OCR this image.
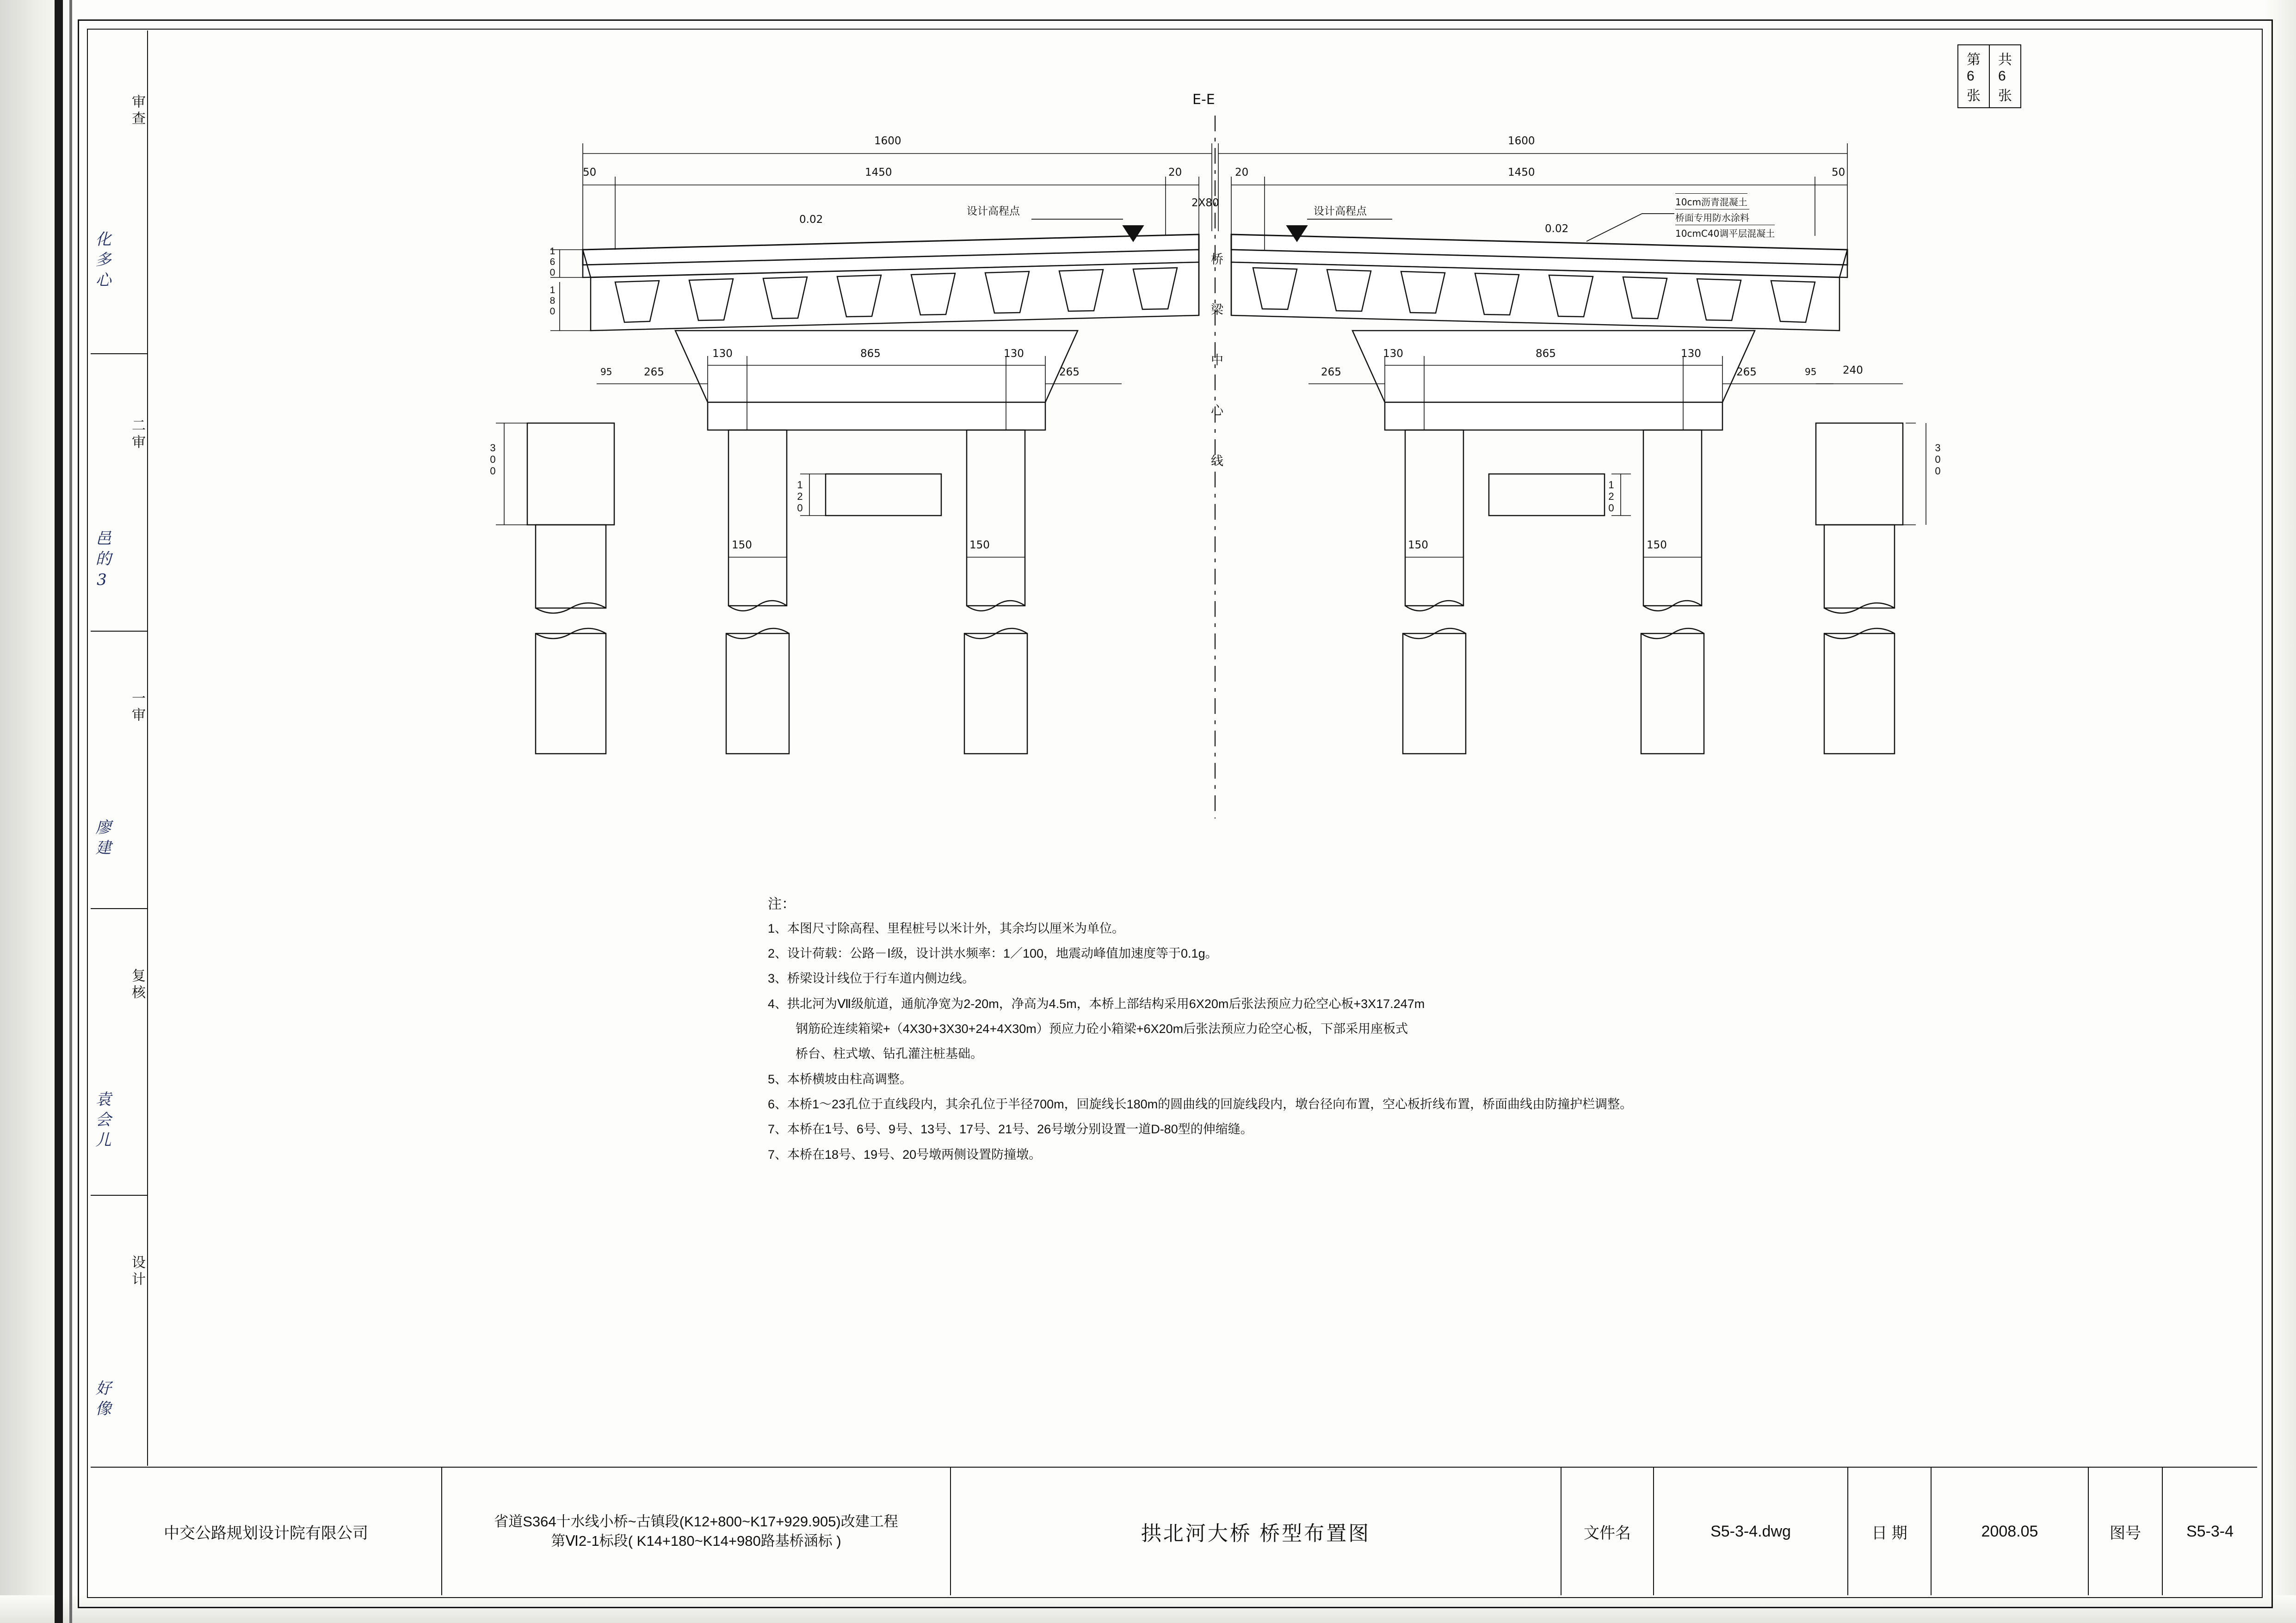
第 6 张
共 6 张
化多心
审查
邑的3
二审
廖建
一审
袁会儿
复核
好像
设计
E-E
1600	1600
50	1450	20	20	1450	50
2X80
设计高程点	设计高程点
0.02
0.02
10cm沥青混凝土
桥面专用防水涂料
10cmC40调平层混凝土
160
180
130	865	130
265	265
95
130	865	130
265	265	95 240
300	300
120	120
150	150	150	150
桥 梁 中 心 线
注：
1、本图尺寸除高程、里程桩号以米计外，其余均以厘米为单位。
2、设计荷载：公路－Ⅰ级，设计洪水频率：1／100，地震动峰值加速度等于0.1g。
3、桥梁设计线位于行车道内侧边线。
4、拱北河为Ⅶ级航道，通航净宽为2-20m，净高为4.5m，本桥上部结构采用6X20m后张法预应力砼空心板+3X17.247m
钢筋砼连续箱梁+（4X30+3X30+24+4X30m）预应力砼小箱梁+6X20m后张法预应力砼空心板，下部采用座板式
桥台、柱式墩、钻孔灌注桩基础。
5、本桥横坡由柱高调整。
6、本桥1～23孔位于直线段内，其余孔位于半径700m，回旋线长180m的圆曲线的回旋线段内，墩台径向布置，空心板折线布置，桥面曲线由防撞护栏调整。
7、本桥在1号、6号、9号、13号、17号、21号、26号墩分别设置一道D-80型的伸缩缝。
7、本桥在18号、19号、20号墩两侧设置防撞墩。
中交公路规划设计院有限公司
省道S364十水线小桥~古镇段(K12+800~K17+929.905)改建工程
第Ⅵ2-1标段( K14+180~K14+980路基桥涵标 )	拱北河大桥 桥型布置图	文件名	S5-3-4.dwg	日 期	2008.05	图号	S5-3-4
